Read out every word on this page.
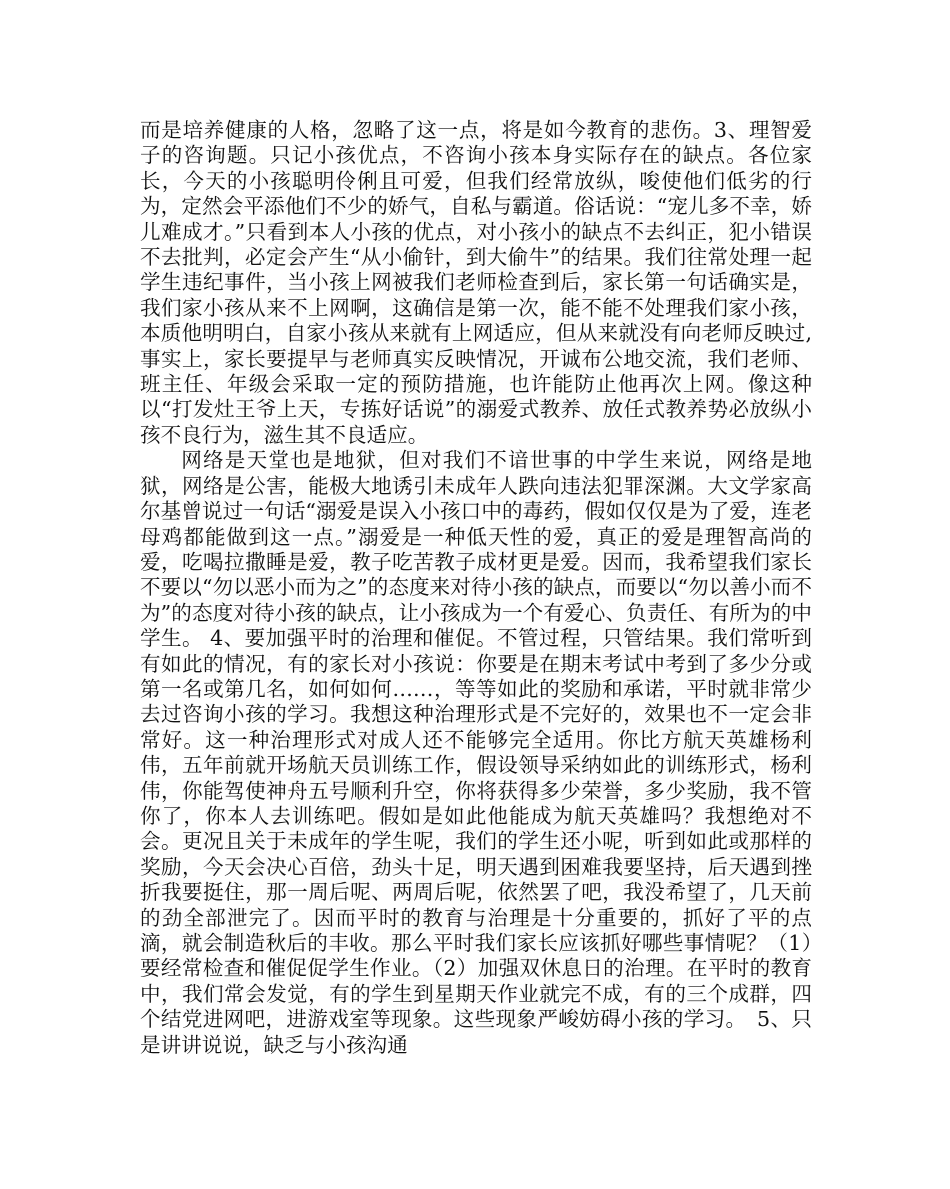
而是培养健康的人格，忽略了这一点，将是如今教育的悲伤。3、理智爱子的咨询题。只记小孩优点，不咨询小孩本身实际存在的缺点。各位家长，今天的小孩聪明伶俐且可爱，但我们经常放纵，唆使他们低劣的行为，定然会平添他们不少的娇气，自私与霸道。俗话说：“宠儿多不幸，娇儿难成才。”只看到本人小孩的优点，对小孩小的缺点不去纠正，犯小错误不去批判，必定会产生“从小偷针，到大偷牛”的结果。我们往常处理一起学生违纪事件，当小孩上网被我们老师检查到后，家长第一句话确实是，我们家小孩从来不上网啊，这确信是第一次，能不能不处理我们家小孩，本质他明明白，自家小孩从来就有上网适应，但从来就没有向老师反映过,事实上，家长要提早与老师真实反映情况，开诚布公地交流，我们老师、班主任、年级会采取一定的预防措施，也许能防止他再次上网。像这种以“打发灶王爷上天，专拣好话说”的溺爱式教养、放任式教养势必放纵小孩不良行为，滋生其不良适应。

网络是天堂也是地狱，但对我们不谙世事的中学生来说，网络是地狱，网络是公害，能极大地诱引未成年人跌向违法犯罪深渊。大文学家高尔基曾说过一句话“溺爱是误入小孩口中的毒药，假如仅仅是为了爱，连老母鸡都能做到这一点。”溺爱是一种低天性的爱，真正的爱是理智高尚的爱，吃喝拉撒睡是爱，教子吃苦教子成材更是爱。因而，我希望我们家长不要以“勿以恶小而为之”的态度来对待小孩的缺点，而要以“勿以善小而不为”的态度对待小孩的缺点，让小孩成为一个有爱心、负责任、有所为的中学生。 4、要加强平时的治理和催促。不管过程，只管结果。我们常听到有如此的情况，有的家长对小孩说：你要是在期末考试中考到了多少分或第一名或第几名，如何如何……，等等如此的奖励和承诺，平时就非常少去过咨询小孩的学习。我想这种治理形式是不完好的，效果也不一定会非常好。这一种治理形式对成人还不能够完全适用。你比方航天英雄杨利伟，五年前就开场航天员训练工作，假设领导采纳如此的训练形式，杨利伟，你能驾使神舟五号顺利升空，你将获得多少荣誉，多少奖励，我不管你了，你本人去训练吧。假如是如此他能成为航天英雄吗？我想绝对不会。更况且关于未成年的学生呢，我们的学生还小呢，听到如此或那样的奖励，今天会决心百倍，劲头十足，明天遇到困难我要坚持，后天遇到挫折我要挺住，那一周后呢、两周后呢，依然罢了吧，我没希望了，几天前的劲全部泄完了。因而平时的教育与治理是十分重要的，抓好了平的点滴，就会制造秋后的丰收。那么平时我们家长应该抓好哪些事情呢？（1）要经常检查和催促促学生作业。（2）加强双休息日的治理。在平时的教育中，我们常会发觉，有的学生到星期天作业就完不成，有的三个成群，四个结党进网吧，进游戏室等现象。这些现象严峻妨碍小孩的学习。　5、只是讲讲说说，缺乏与小孩沟通
